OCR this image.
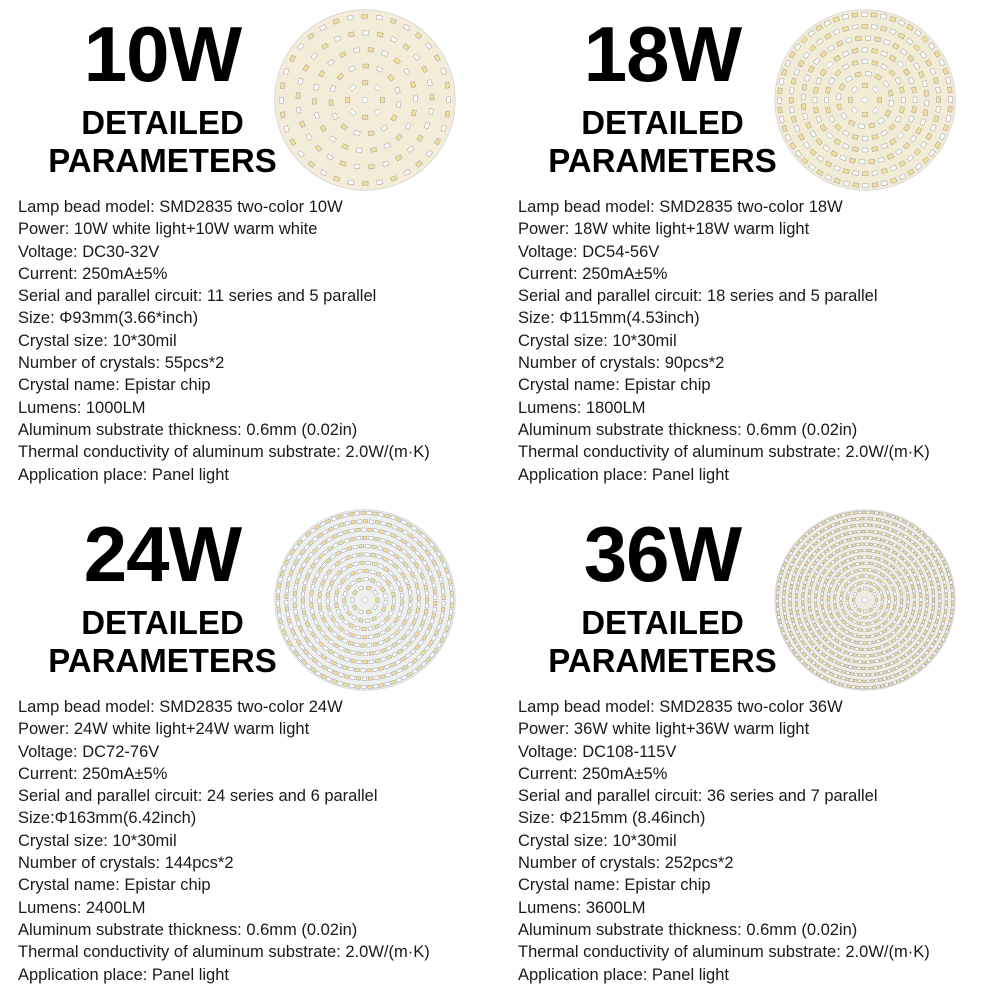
10W
DETAILED
PARAMETERS
Lamp bead model: SMD2835 two-color 10W
Power: 10W white light+10W warm white
Voltage: DC30-32V
Current: 250mA±5%
Serial and parallel circuit: 11 series and 5 parallel
Size: Φ93mm(3.66*inch)
Crystal size: 10*30mil
Number of crystals: 55pcs*2
Crystal name: Epistar chip
Lumens: 1000LM
Aluminum substrate thickness: 0.6mm (0.02in)
Thermal conductivity of aluminum substrate: 2.0W/(m·K)
Application place: Panel light
18W
DETAILED
PARAMETERS
Lamp bead model: SMD2835 two-color 18W
Power: 18W white light+18W warm light
Voltage: DC54-56V
Current: 250mA±5%
Serial and parallel circuit: 18 series and 5 parallel
Size: Φ115mm(4.53inch)
Crystal size: 10*30mil
Number of crystals: 90pcs*2
Crystal name: Epistar chip
Lumens: 1800LM
Aluminum substrate thickness: 0.6mm (0.02in)
Thermal conductivity of aluminum substrate: 2.0W/(m·K)
Application place: Panel light
24W
DETAILED
PARAMETERS
Lamp bead model: SMD2835 two-color 24W
Power: 24W white light+24W warm light
Voltage: DC72-76V
Current: 250mA±5%
Serial and parallel circuit: 24 series and 6 parallel
Size:Φ163mm(6.42inch)
Crystal size: 10*30mil
Number of crystals: 144pcs*2
Crystal name: Epistar chip
Lumens: 2400LM
Aluminum substrate thickness: 0.6mm (0.02in)
Thermal conductivity of aluminum substrate: 2.0W/(m·K)
Application place: Panel light
36W
DETAILED
PARAMETERS
Lamp bead model: SMD2835 two-color 36W
Power: 36W white light+36W warm light
Voltage: DC108-115V
Current: 250mA±5%
Serial and parallel circuit: 36 series and 7 parallel
Size: Φ215mm (8.46inch)
Crystal size: 10*30mil
Number of crystals: 252pcs*2
Crystal name: Epistar chip
Lumens: 3600LM
Aluminum substrate thickness: 0.6mm (0.02in)
Thermal conductivity of aluminum substrate: 2.0W/(m·K)
Application place: Panel light
